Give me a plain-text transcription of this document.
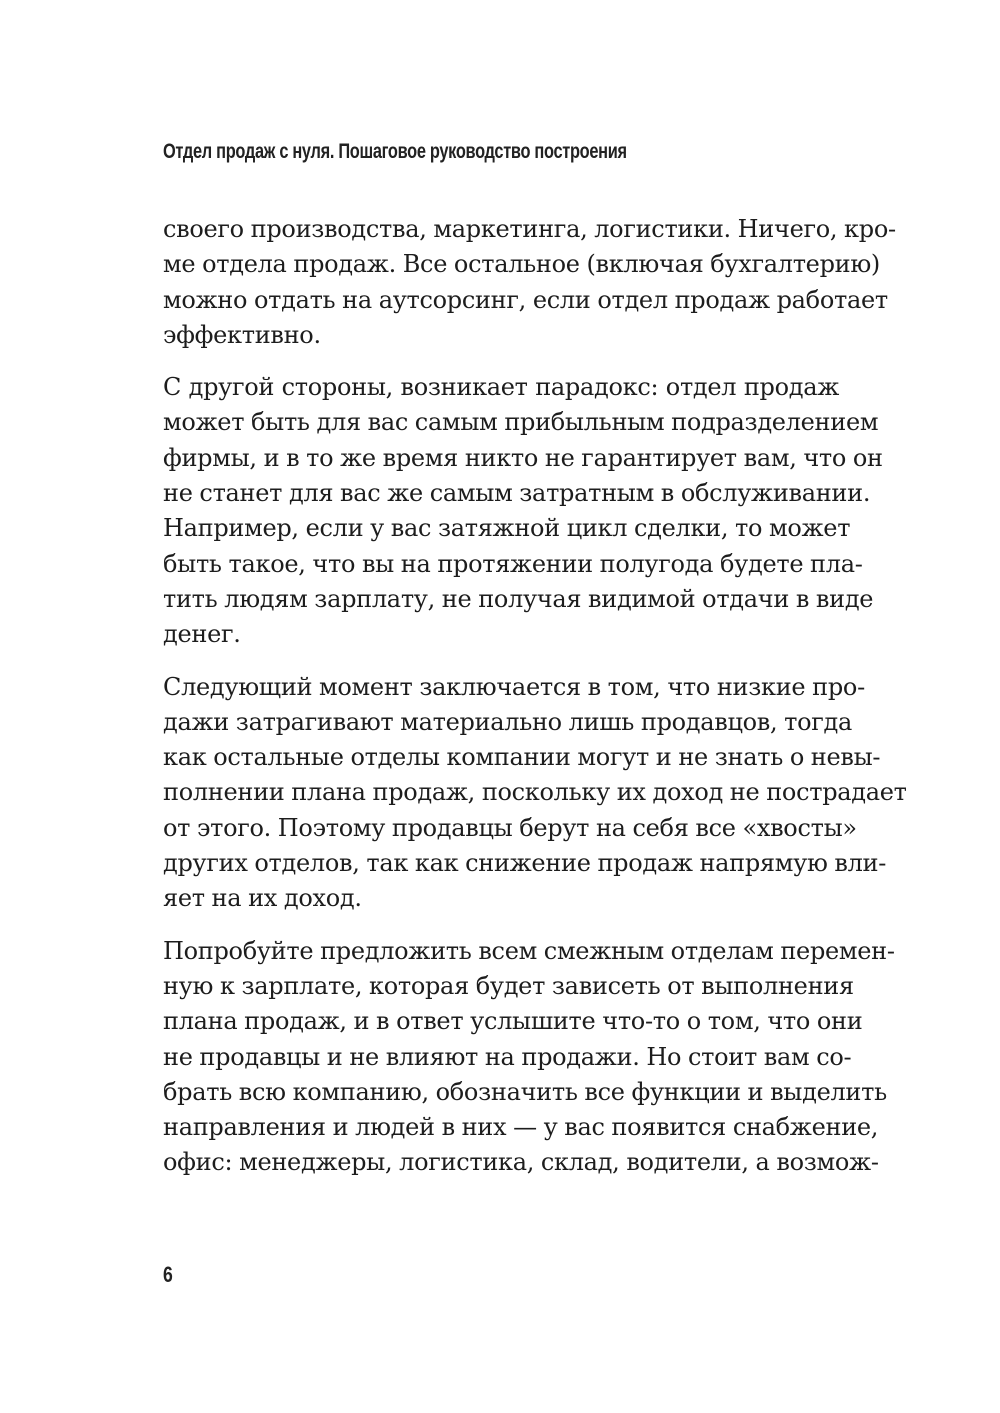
Отдел продаж с нуля. Пошаговое руководство построения

своего производства, маркетинга, логистики. Ничего, кро-
ме отдела продаж. Все остальное (включая бухгалтерию)
можно отдать на аутсорсинг, если отдел продаж работает
эффективно.

С другой стороны, возникает парадокс: отдел продаж
может быть для вас самым прибыльным подразделением
фирмы, и в то же время никто не гарантирует вам, что он
не станет для вас же самым затратным в обслуживании.
Например, если у вас затяжной цикл сделки, то может
быть такое, что вы на протяжении полугода будете пла-
тить людям зарплату, не получая видимой отдачи в виде
денег.

Следующий момент заключается в том, что низкие про-
дажи затрагивают материально лишь продавцов, тогда
как остальные отделы компании могут и не знать о невы-
полнении плана продаж, поскольку их доход не пострадает
от этого. Поэтому продавцы берут на себя все «хвосты»
других отделов, так как снижение продаж напрямую вли-
яет на их доход.

Попробуйте предложить всем смежным отделам перемен-
ную к зарплате, которая будет зависеть от выполнения
плана продаж, и в ответ услышите что-то о том, что они
не продавцы и не влияют на продажи. Но стоит вам со-
брать всю компанию, обозначить все функции и выделить
направления и людей в них — у вас появится снабжение,
офис: менеджеры, логистика, склад, водители, а возмож-

6
